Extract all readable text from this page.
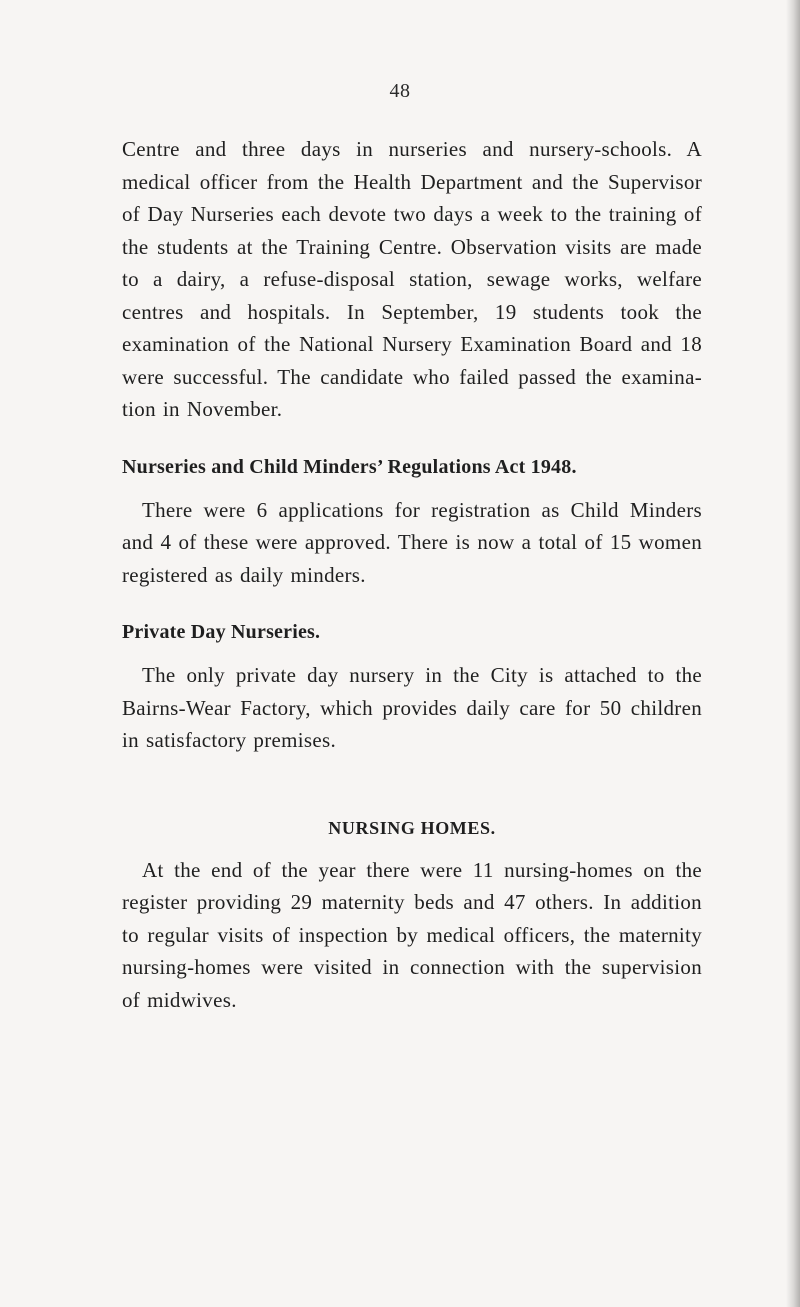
48

Centre and three days in nurseries and nursery-schools. A medical officer from the Health Department and the Supervisor of Day Nurseries each devote two days a week to the training of the students at the Training Centre. Observation visits are made to a dairy, a refuse-disposal station, sewage works, welfare centres and hospitals. In September, 19 students took the examination of the National Nursery Examination Board and 18 were successful. The candidate who failed passed the examina-tion in November.

Nurseries and Child Minders’ Regulations Act 1948.

There were 6 applications for registration as Child Minders and 4 of these were approved. There is now a total of 15 women registered as daily minders.

Private Day Nurseries.

The only private day nursery in the City is attached to the Bairns-Wear Factory, which provides daily care for 50 children in satisfactory premises.

NURSING HOMES.

At the end of the year there were 11 nursing-homes on the register providing 29 maternity beds and 47 others. In addition to regular visits of inspection by medical officers, the maternity nursing-homes were visited in connection with the supervision of midwives.
